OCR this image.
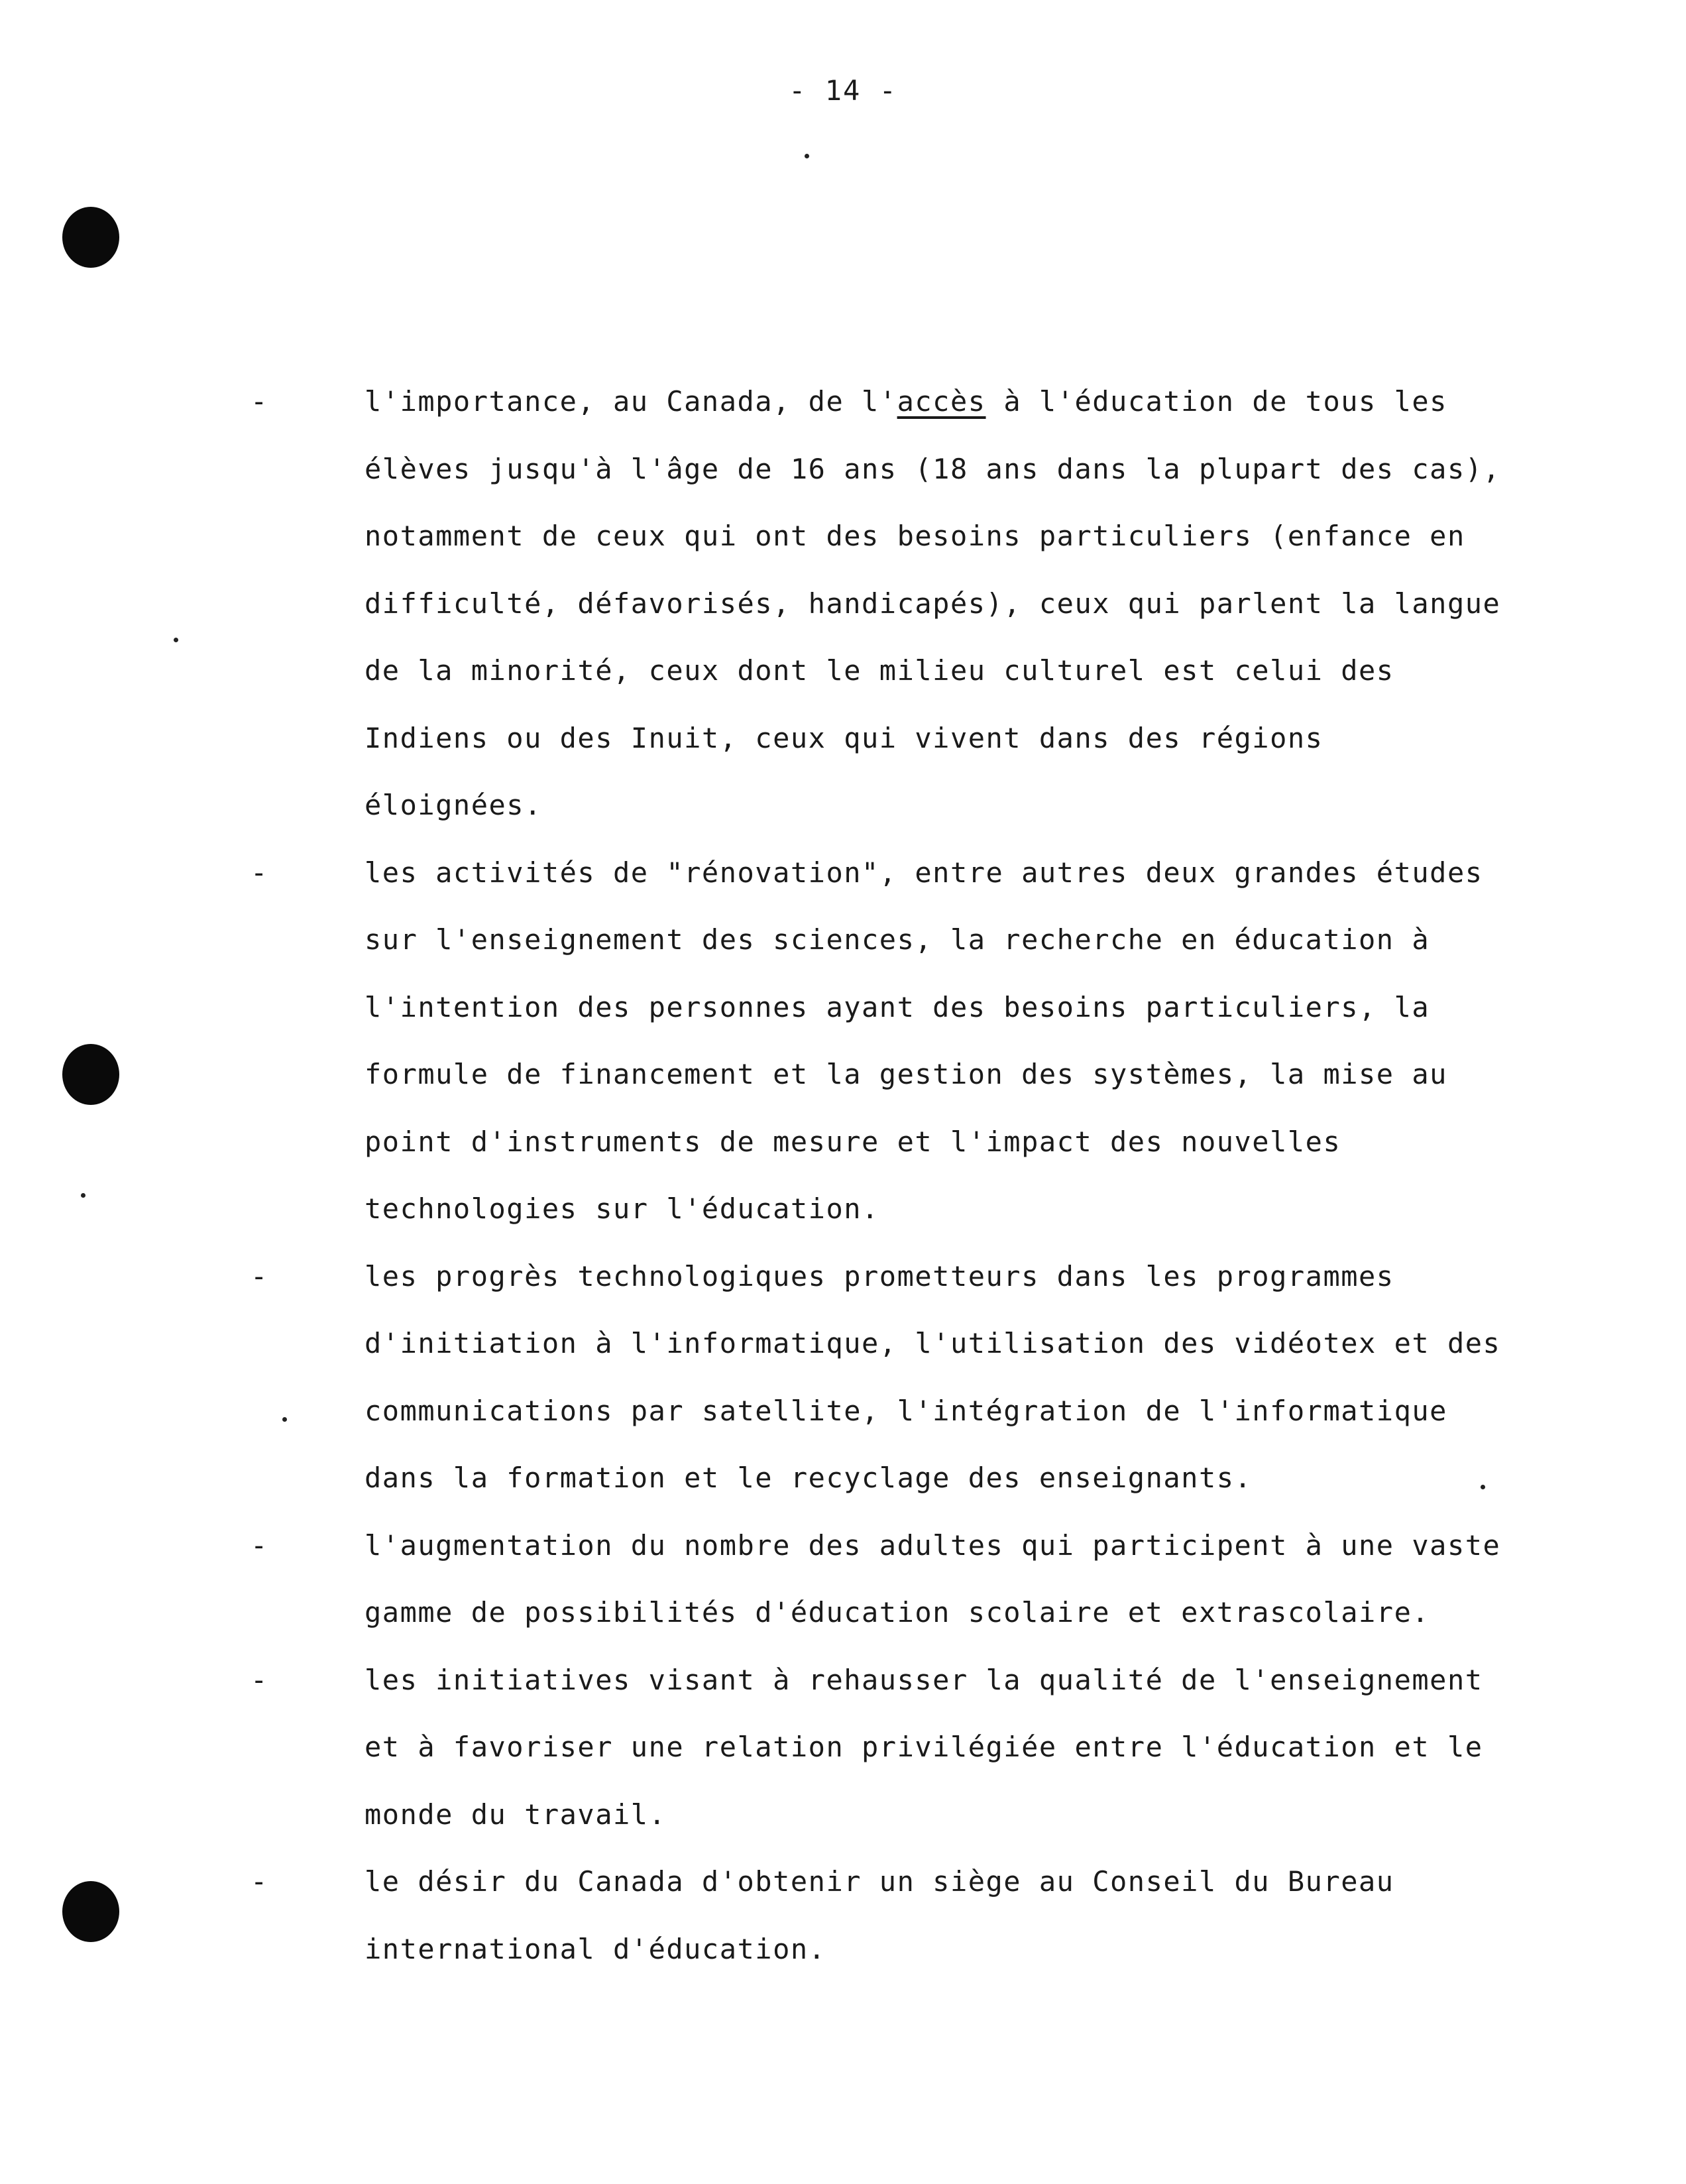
- 14 -
-	l'importance, au Canada, de l'accès à l'éducation de tous les élèves jusqu'à l'âge de 16 ans (18 ans dans la plupart des cas), notamment de ceux qui ont des besoins particuliers (enfance en difficulté, défavorisés, handicapés), ceux qui parlent la langue de la minorité, ceux dont le milieu culturel est celui des Indiens ou des Inuit, ceux qui vivent dans des régions éloignées.
-	les activités de "rénovation", entre autres deux grandes études sur l'enseignement des sciences, la recherche en éducation à l'intention des personnes ayant des besoins particuliers, la formule de financement et la gestion des systèmes, la mise au point d'instruments de mesure et l'impact des nouvelles technologies sur l'éducation.
-	les progrès technologiques prometteurs dans les programmes d'initiation à l'informatique, l'utilisation des vidéotex et des communications par satellite, l'intégration de l'informatique dans la formation et le recyclage des enseignants.
-	l'augmentation du nombre des adultes qui participent à une vaste gamme de possibilités d'éducation scolaire et extrascolaire.
-	les initiatives visant à rehausser la qualité de l'enseignement et à favoriser une relation privilégiée entre l'éducation et le monde du travail.
-	le désir du Canada d'obtenir un siège au Conseil du Bureau international d'éducation.
